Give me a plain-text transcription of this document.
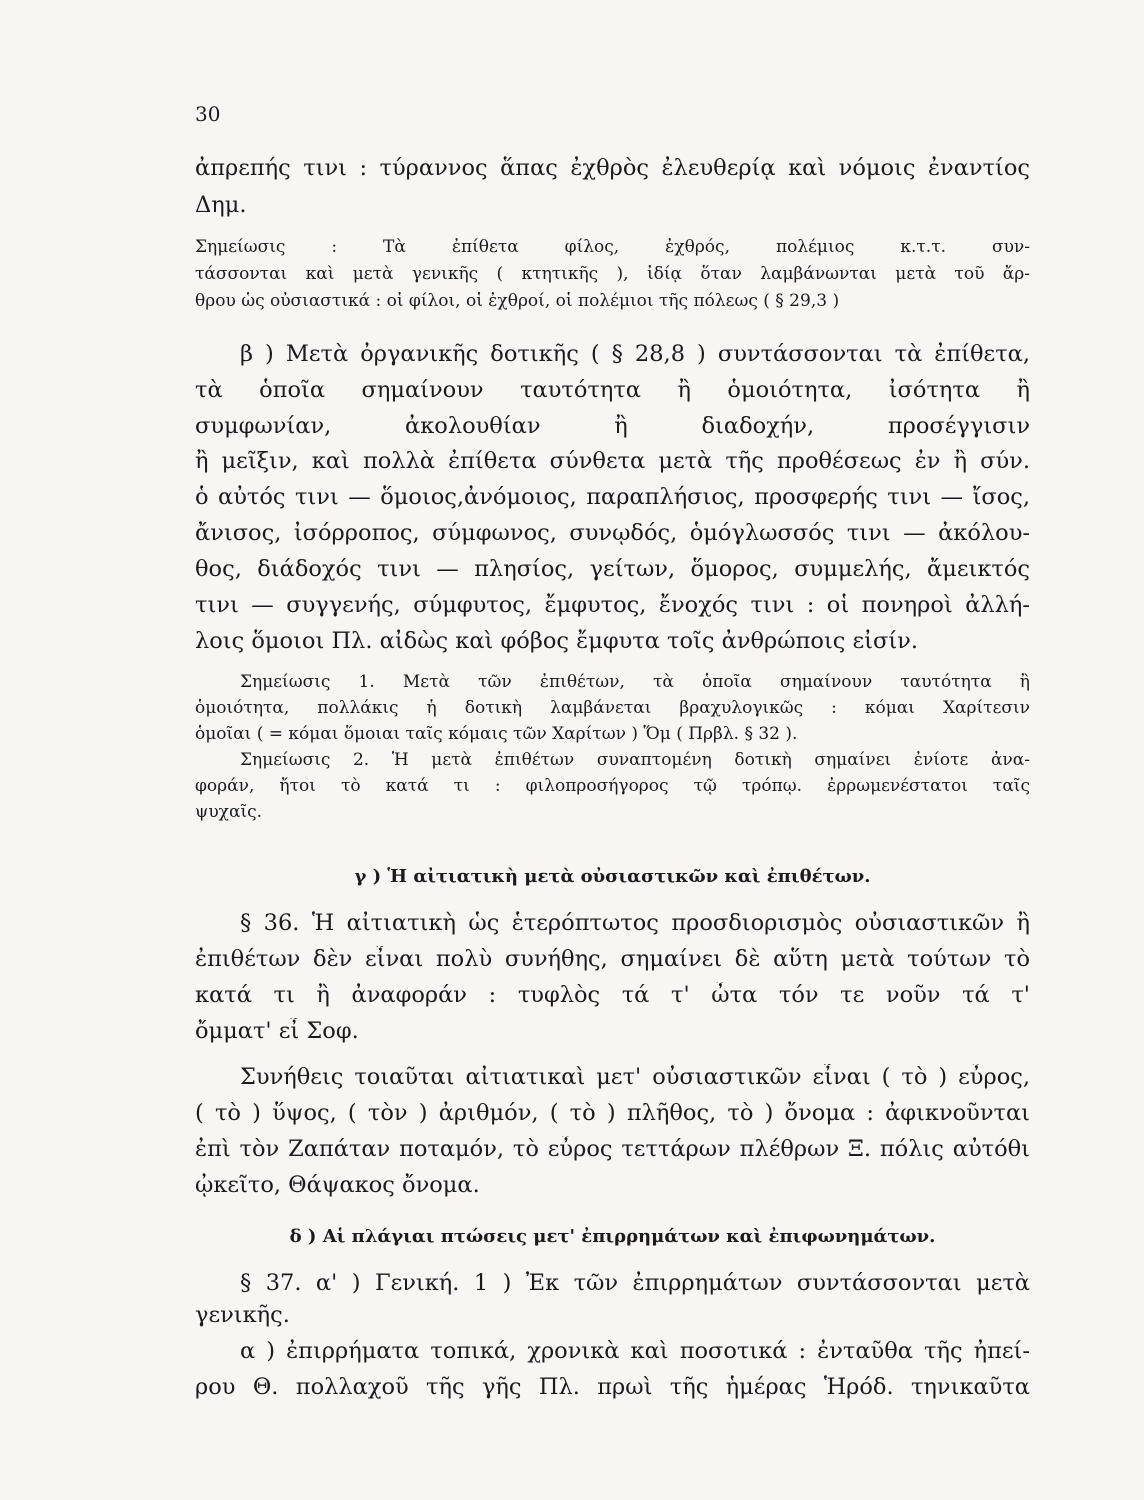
30
ἀπρεπής τινι : τύραννος ἅπας ἐχθρὸς ἐλευθερίᾳ καὶ νόμοις ἐναντίος
Δημ.
Σημείωσις : Τὰ ἐπίθετα φίλος, ἐχθρός, πολέμιος κ.τ.τ. συν-
τάσσονται καὶ μετὰ γενικῆς ( κτητικῆς ), ἰδίᾳ ὅταν λαμβάνωνται μετὰ τοῦ ἄρ-
θρου ὡς οὐσιαστικά : οἱ φίλοι, οἱ ἐχθροί, οἱ πολέμιοι τῆς πόλεως ( § 29,3 )
β ) Μετὰ ὀργανικῆς δοτικῆς ( § 28,8 ) συντάσσονται τὰ ἐπίθετα,
τὰ ὁποῖα σημαίνουν ταυτότητα ἢ ὁμοιότητα, ἰσότητα ἢ
συμφωνίαν, ἀκολουθίαν ἢ διαδοχήν, προσέγγισιν
ἢ μεῖξιν, καὶ πολλὰ ἐπίθετα σύνθετα μετὰ τῆς προθέσεως ἐν ἢ σύν.
ὁ αὐτός τινι — ὅμοιος,ἀνόμοιος, παραπλήσιος, προσφερής τινι — ἴσος,
ἄνισος, ἰσόρροπος, σύμφωνος, συνῳδός, ὁμόγλωσσός τινι — ἀκόλου-
θος, διάδοχός τινι — πλησίος, γείτων, ὅμορος, συμμελής, ἄμεικτός
τινι — συγγενής, σύμφυτος, ἔμφυτος, ἔνοχός τινι : οἱ πονηροὶ ἀλλή-
λοις ὅμοιοι Πλ. αἰδὼς καὶ φόβος ἔμφυτα τοῖς ἀνθρώποις εἰσίν.
Σημείωσις 1. Μετὰ τῶν ἐπιθέτων, τὰ ὁποῖα σημαίνουν ταυτότητα ἢ
ὁμοιότητα, πολλάκις ἡ δοτικὴ λαμβάνεται βραχυλογικῶς : κόμαι Χαρίτεσιν
ὁμοῖαι ( = κόμαι ὅμοιαι ταῖς κόμαις τῶν Χαρίτων ) Ὅμ ( Πρβλ. § 32 ).
Σημείωσις 2. Ἡ μετὰ ἐπιθέτων συναπτομένη δοτικὴ σημαίνει ἐνίοτε ἀνα-
φοράν, ἤτοι τὸ κατά τι : φιλοπροσήγορος τῷ τρόπῳ. ἐρρωμενέστατοι ταῖς
ψυχαῖς.
γ ) Ἡ αἰτιατικὴ μετὰ οὐσιαστικῶν καὶ ἐπιθέτων.
§ 36. Ἡ αἰτιατικὴ ὡς ἑτερόπτωτος προσδιορισμὸς οὐσιαστικῶν ἢ
ἐπιθέτων δὲν εἶναι πολὺ συνήθης, σημαίνει δὲ αὕτη μετὰ τούτων τὸ
κατά τι ἢ ἀναφοράν : τυφλὸς τά τ' ὦτα τόν τε νοῦν τά τ'
ὄμματ' εἶ Σοφ.
Συνήθεις τοιαῦται αἰτιατικαὶ μετ' οὐσιαστικῶν εἶναι ( τὸ ) εὖρος,
( τὸ ) ὕψος, ( τὸν ) ἀριθμόν, ( τὸ ) πλῆθος, τὸ ) ὄνομα : ἀφικνοῦνται
ἐπὶ τὸν Ζαπάταν ποταμόν, τὸ εὖρος τεττάρων πλέθρων Ξ. πόλις αὐτόθι
ᾠκεῖτο, Θάψακος ὄνομα.
δ ) Αἱ πλάγιαι πτώσεις μετ' ἐπιρρημάτων καὶ ἐπιφωνημάτων.
§ 37. α' ) Γενική. 1 ) Ἐκ τῶν ἐπιρρημάτων συντάσσονται μετὰ
γενικῆς.
α ) ἐπιρρήματα τοπικά, χρονικὰ καὶ ποσοτικά : ἐνταῦθα τῆς ἠπεί-
ρου Θ. πολλαχοῦ τῆς γῆς Πλ. πρωὶ τῆς ἡμέρας Ἡρόδ. τηνικαῦτα
